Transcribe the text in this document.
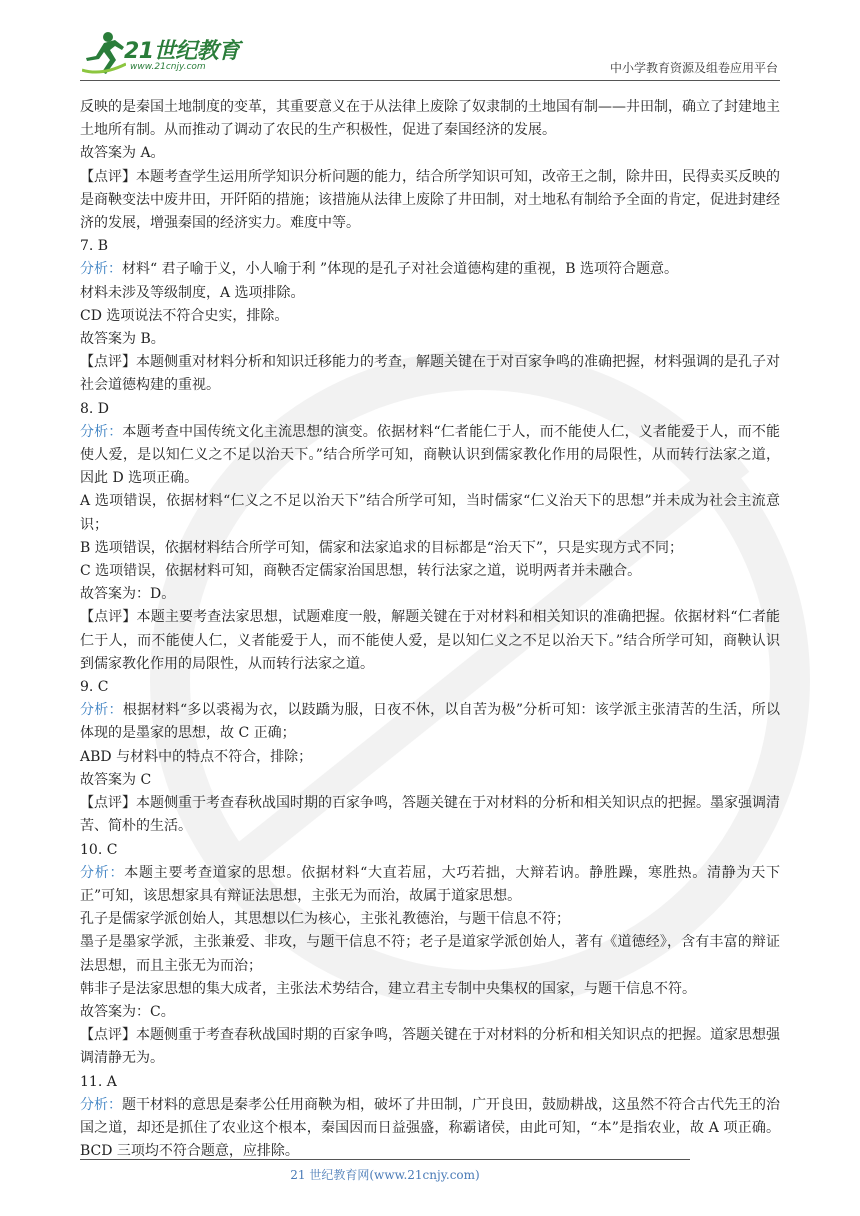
21世纪教育
www.21cnjy.com	中小学教育资源及组卷应用平台

反映的是秦国土地制度的变革，其重要意义在于从法律上废除了奴隶制的土地国有制——井田制，确立了封建地主土地所有制。从而推动了调动了农民的生产积极性，促进了秦国经济的发展。

故答案为 A。

【点评】本题考查学生运用所学知识分析问题的能力，结合所学知识可知，改帝王之制，除井田，民得卖买反映的是商鞅变法中废井田，开阡陌的措施；该措施从法律上废除了井田制，对土地私有制给予全面的肯定，促进封建经济的发展，增强秦国的经济实力。难度中等。

7. B

分析：材料“ 君子喻于义，小人喻于利 ”体现的是孔子对社会道德构建的重视，B 选项符合题意。

材料未涉及等级制度，A 选项排除。

CD 选项说法不符合史实，排除。

故答案为 B。

【点评】本题侧重对材料分析和知识迁移能力的考查，解题关键在于对百家争鸣的准确把握，材料强调的是孔子对社会道德构建的重视。

8. D

分析：本题考查中国传统文化主流思想的演变。依据材料“仁者能仁于人，而不能使人仁，义者能爱于人，而不能使人爱，是以知仁义之不足以治天下。”结合所学可知，商鞅认识到儒家教化作用的局限性，从而转行法家之道，因此 D 选项正确。

A 选项错误，依据材料“仁义之不足以治天下”结合所学可知，当时儒家“仁义治天下的思想”并未成为社会主流意识；

B 选项错误，依据材料结合所学可知，儒家和法家追求的目标都是“治天下”，只是实现方式不同；

C 选项错误，依据材料可知，商鞅否定儒家治国思想，转行法家之道，说明两者并未融合。

故答案为：D。

【点评】本题主要考查法家思想，试题难度一般，解题关键在于对材料和相关知识的准确把握。依据材料“仁者能仁于人，而不能使人仁，义者能爱于人，而不能使人爱，是以知仁义之不足以治天下。”结合所学可知，商鞅认识到儒家教化作用的局限性，从而转行法家之道。

9. C

分析：根据材料“多以裘褐为衣，以跂蹻为服，日夜不休，以自苦为极”分析可知：该学派主张清苦的生活，所以体现的是墨家的思想，故 C 正确；

ABD 与材料中的特点不符合，排除；

故答案为 C

【点评】本题侧重于考查春秋战国时期的百家争鸣，答题关键在于对材料的分析和相关知识点的把握。墨家强调清苦、简朴的生活。

10. C

分析：本题主要考查道家的思想。依据材料“大直若屈，大巧若拙，大辩若讷。静胜躁，寒胜热。清静为天下正”可知，该思想家具有辩证法思想，主张无为而治，故属于道家思想。

孔子是儒家学派创始人，其思想以仁为核心，主张礼教德治，与题干信息不符；

墨子是墨家学派，主张兼爱、非攻，与题干信息不符；老子是道家学派创始人，著有《道德经》，含有丰富的辩证法思想，而且主张无为而治；

韩非子是法家思想的集大成者，主张法术势结合，建立君主专制中央集权的国家，与题干信息不符。

故答案为：C。

【点评】本题侧重于考查春秋战国时期的百家争鸣，答题关键在于对材料的分析和相关知识点的把握。道家思想强调清静无为。

11. A

分析：题干材料的意思是秦孝公任用商鞅为相，破坏了井田制，广开良田，鼓励耕战，这虽然不符合古代先王的治国之道，却还是抓住了农业这个根本，秦国因而日益强盛，称霸诸侯，由此可知，“本”是指农业，故 A 项正确。BCD 三项均不符合题意，应排除。

21 世纪教育网(www.21cnjy.com)
